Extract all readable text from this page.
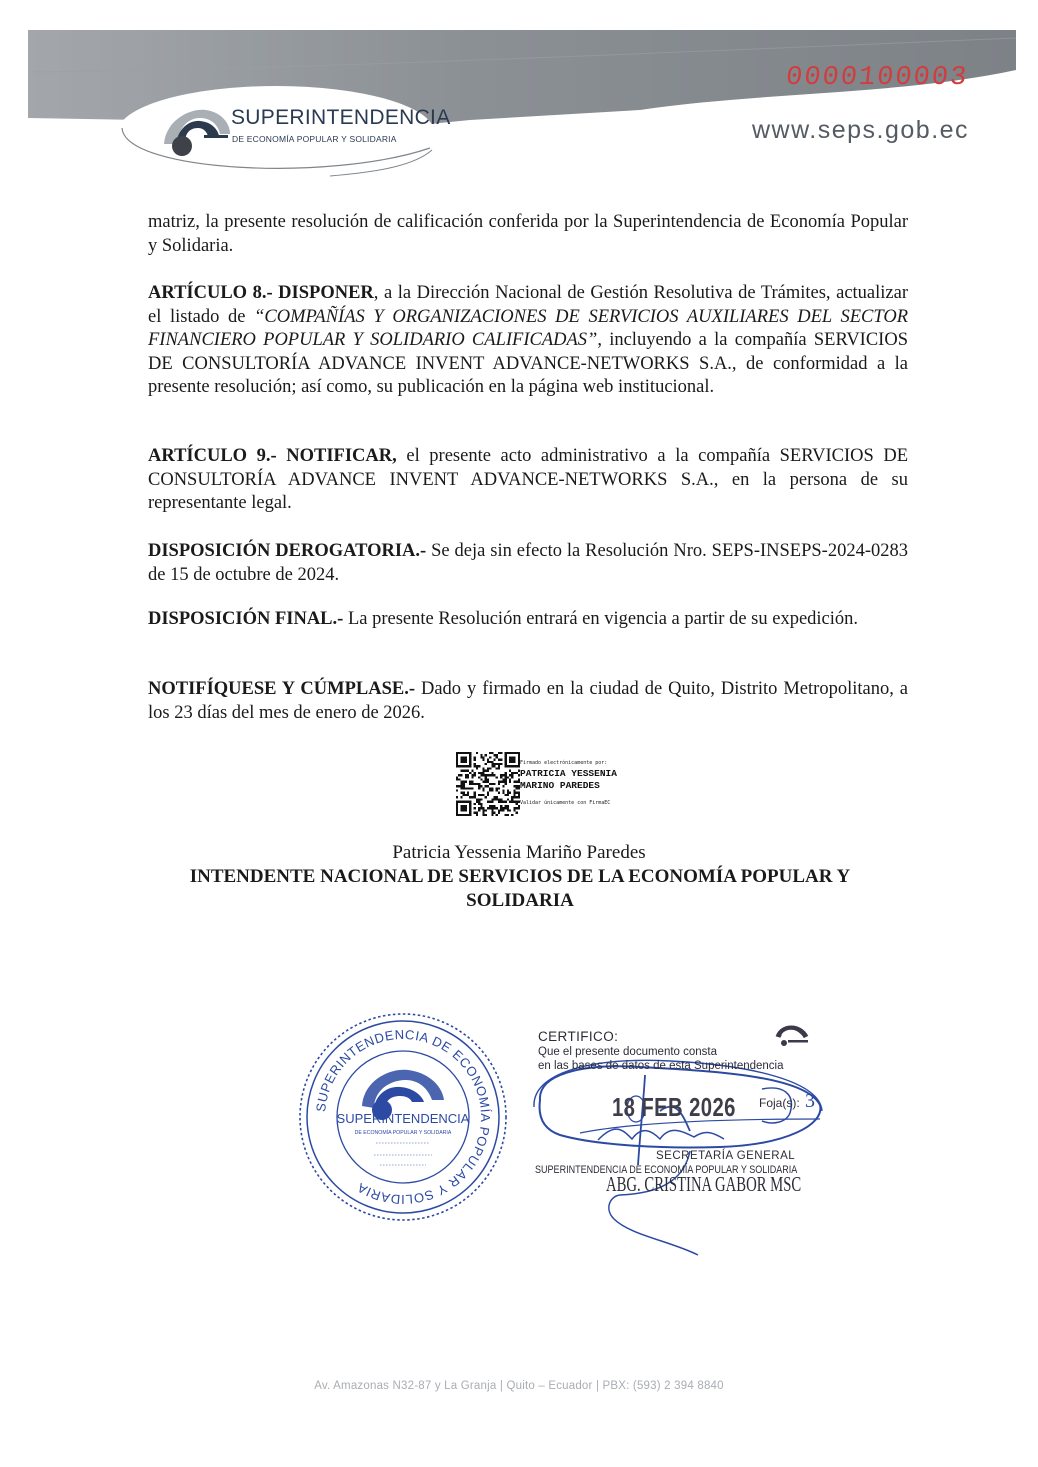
SUPERINTENDENCIA
DE ECONOMÍA POPULAR Y SOLIDARIA
0000100003
www.seps.gob.ec
matriz, la presente resolución de calificación conferida por la Superintendencia de Economía Popular y Solidaria.
ARTÍCULO 8.- DISPONER, a la Dirección Nacional de Gestión Resolutiva de Trámites, actualizar el listado de “COMPAÑÍAS Y ORGANIZACIONES DE SERVICIOS AUXILIARES DEL SECTOR FINANCIERO POPULAR Y SOLIDARIO CALIFICADAS”, incluyendo a la compañía SERVICIOS DE CONSULTORÍA ADVANCE INVENT ADVANCE-NETWORKS S.A., de conformidad a la presente resolución; así como, su publicación en la página web institucional.
ARTÍCULO 9.- NOTIFICAR, el presente acto administrativo a la compañía SERVICIOS DE CONSULTORÍA ADVANCE INVENT ADVANCE-NETWORKS S.A., en la persona de su representante legal.
DISPOSICIÓN DEROGATORIA.- Se deja sin efecto la Resolución Nro. SEPS-INSEPS-2024-0283 de 15 de octubre de 2024.
DISPOSICIÓN FINAL.- La presente Resolución entrará en vigencia a partir de su expedición.
NOTIFÍQUESE Y CÚMPLASE.- Dado y firmado en la ciudad de Quito, Distrito Metropolitano, a los 23 días del mes de enero de 2026.
Firmado electrónicamente por:
PATRICIA YESSENIA
MARINO PAREDES
Validar únicamente con FirmaEC
Patricia Yessenia Mariño Paredes
INTENDENTE NACIONAL DE SERVICIOS DE LA ECONOMÍA POPULAR Y SOLIDARIA
SUPERINTENDENCIA DE ECONOMÍA POPULAR Y SOLIDARIA
SUPERINTENDENCIA
DE ECONOMÍA POPULAR Y SOLIDARIA
CERTIFICO:
Que el presente documento consta
en las bases de datos de esta Superintendencia
18 FEB 2026 Foja(s): 3
SECRETARÍA GENERAL
SUPERINTENDENCIA DE ECONOMÍA POPULAR Y SOLIDARIA
ABG. CRISTINA GABOR MSC
Av. Amazonas N32-87 y La Granja | Quito – Ecuador | PBX: (593) 2 394 8840
